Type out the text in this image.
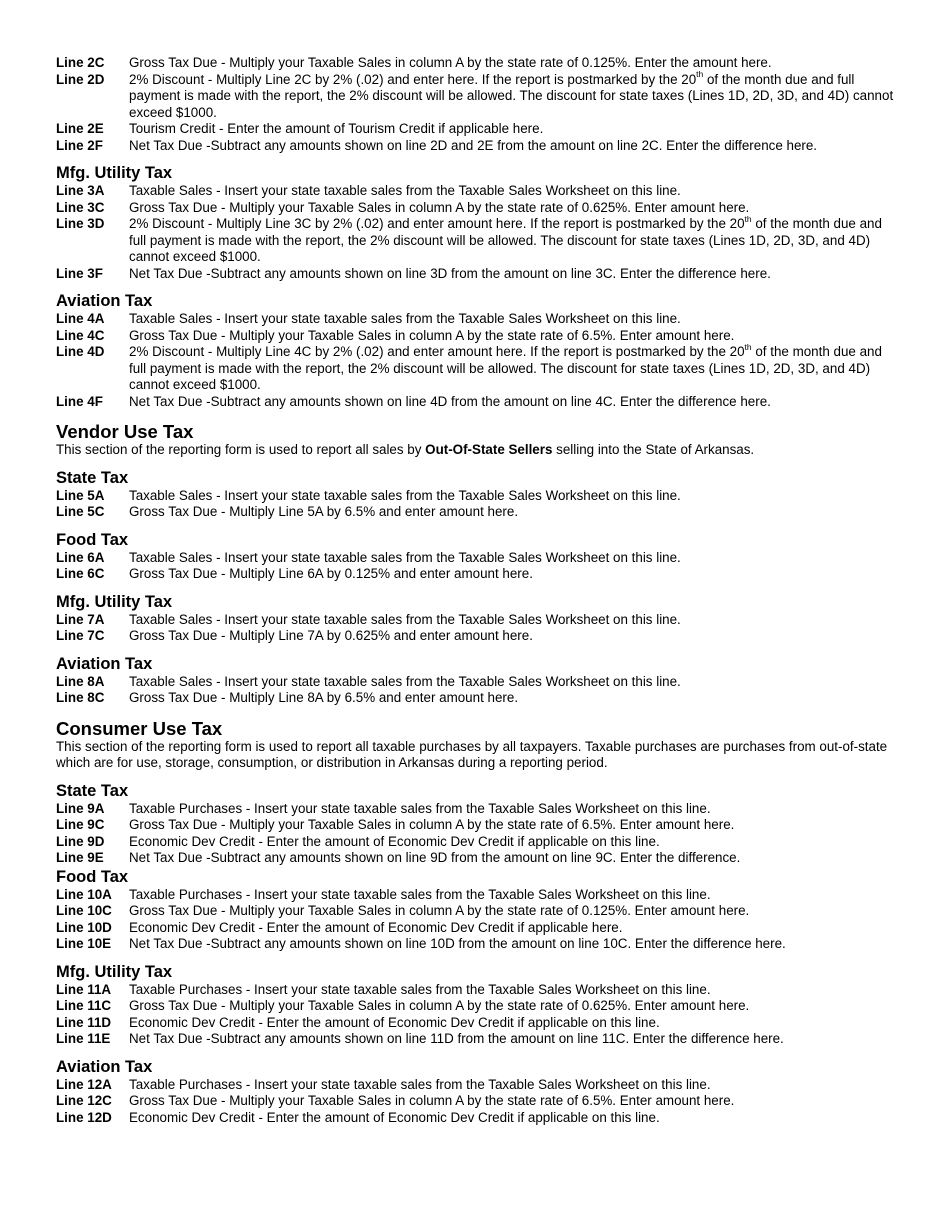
Line 2C	Gross Tax Due - Multiply your Taxable Sales in column A by the state rate of 0.125%. Enter the amount here.
Line 2D	2% Discount - Multiply Line 2C by 2% (.02) and enter here. If the report is postmarked by the 20th of the month due and full payment is made with the report, the 2% discount will be allowed. The discount for state taxes (Lines 1D, 2D, 3D, and 4D) cannot exceed $1000.
Line 2E	Tourism Credit - Enter the amount of Tourism Credit if applicable here.
Line 2F	Net Tax Due -Subtract any amounts shown on line 2D and 2E from the amount on line 2C. Enter the difference here.
Mfg. Utility Tax
Line 3A	Taxable Sales - Insert your state taxable sales from the Taxable Sales Worksheet on this line.
Line 3C	Gross Tax Due - Multiply your Taxable Sales in column A by the state rate of 0.625%. Enter amount here.
Line 3D	2% Discount - Multiply Line 3C by 2% (.02) and enter amount here. If the report is postmarked by the 20th of the month due and full payment is made with the report, the 2% discount will be allowed. The discount for state taxes (Lines 1D, 2D, 3D, and 4D) cannot exceed $1000.
Line 3F	Net Tax Due -Subtract any amounts shown on line 3D from the amount on line 3C. Enter the difference here.
Aviation Tax
Line 4A	Taxable Sales - Insert your state taxable sales from the Taxable Sales Worksheet on this line.
Line 4C	Gross Tax Due - Multiply your Taxable Sales in column A by the state rate of 6.5%. Enter amount here.
Line 4D	2% Discount - Multiply Line 4C by 2% (.02) and enter amount here. If the report is postmarked by the 20th of the month due and full payment is made with the report, the 2% discount will be allowed. The discount for state taxes (Lines 1D, 2D, 3D, and 4D) cannot exceed $1000.
Line 4F	Net Tax Due -Subtract any amounts shown on line 4D from the amount on line 4C. Enter the difference here.
Vendor Use Tax
This section of the reporting form is used to report all sales by Out-Of-State Sellers selling into the State of Arkansas.
State Tax
Line 5A	Taxable Sales - Insert your state taxable sales from the Taxable Sales Worksheet on this line.
Line 5C	Gross Tax Due - Multiply Line 5A by 6.5% and enter amount here.
Food Tax
Line 6A	Taxable Sales - Insert your state taxable sales from the Taxable Sales Worksheet on this line.
Line 6C	Gross Tax Due - Multiply Line 6A by 0.125% and enter amount here.
Mfg. Utility Tax
Line 7A	Taxable Sales - Insert your state taxable sales from the Taxable Sales Worksheet on this line.
Line 7C	Gross Tax Due - Multiply Line 7A by 0.625% and enter amount here.
Aviation Tax
Line 8A	Taxable Sales - Insert your state taxable sales from the Taxable Sales Worksheet on this line.
Line 8C	Gross Tax Due - Multiply Line 8A by 6.5% and enter amount here.
Consumer Use Tax
This section of the reporting form is used to report all taxable purchases by all taxpayers. Taxable purchases are purchases from out-of-state which are for use, storage, consumption, or distribution in Arkansas during a reporting period.
State Tax
Line 9A	Taxable Purchases - Insert your state taxable sales from the Taxable Sales Worksheet on this line.
Line 9C	Gross Tax Due - Multiply your Taxable Sales in column A by the state rate of 6.5%. Enter amount here.
Line 9D	Economic Dev Credit - Enter the amount of Economic Dev Credit if applicable on this line.
Line 9E	Net Tax Due -Subtract any amounts shown on line 9D from the amount on line 9C. Enter the difference.
Food Tax
Line 10A	Taxable Purchases - Insert your state taxable sales from the Taxable Sales Worksheet on this line.
Line 10C	Gross Tax Due - Multiply your Taxable Sales in column A by the state rate of 0.125%. Enter amount here.
Line 10D	Economic Dev Credit - Enter the amount of Economic Dev Credit if applicable here.
Line 10E	Net Tax Due -Subtract any amounts shown on line 10D from the amount on line 10C. Enter the difference here.
Mfg. Utility Tax
Line 11A	Taxable Purchases - Insert your state taxable sales from the Taxable Sales Worksheet on this line.
Line 11C	Gross Tax Due - Multiply your Taxable Sales in column A by the state rate of 0.625%. Enter amount here.
Line 11D	Economic Dev Credit - Enter the amount of Economic Dev Credit if applicable on this line.
Line 11E	Net Tax Due -Subtract any amounts shown on line 11D from the amount on line 11C. Enter the difference here.
Aviation Tax
Line 12A	Taxable Purchases - Insert your state taxable sales from the Taxable Sales Worksheet on this line.
Line 12C	Gross Tax Due - Multiply your Taxable Sales in column A by the state rate of 6.5%. Enter amount here.
Line 12D	Economic Dev Credit - Enter the amount of Economic Dev Credit if applicable on this line.
